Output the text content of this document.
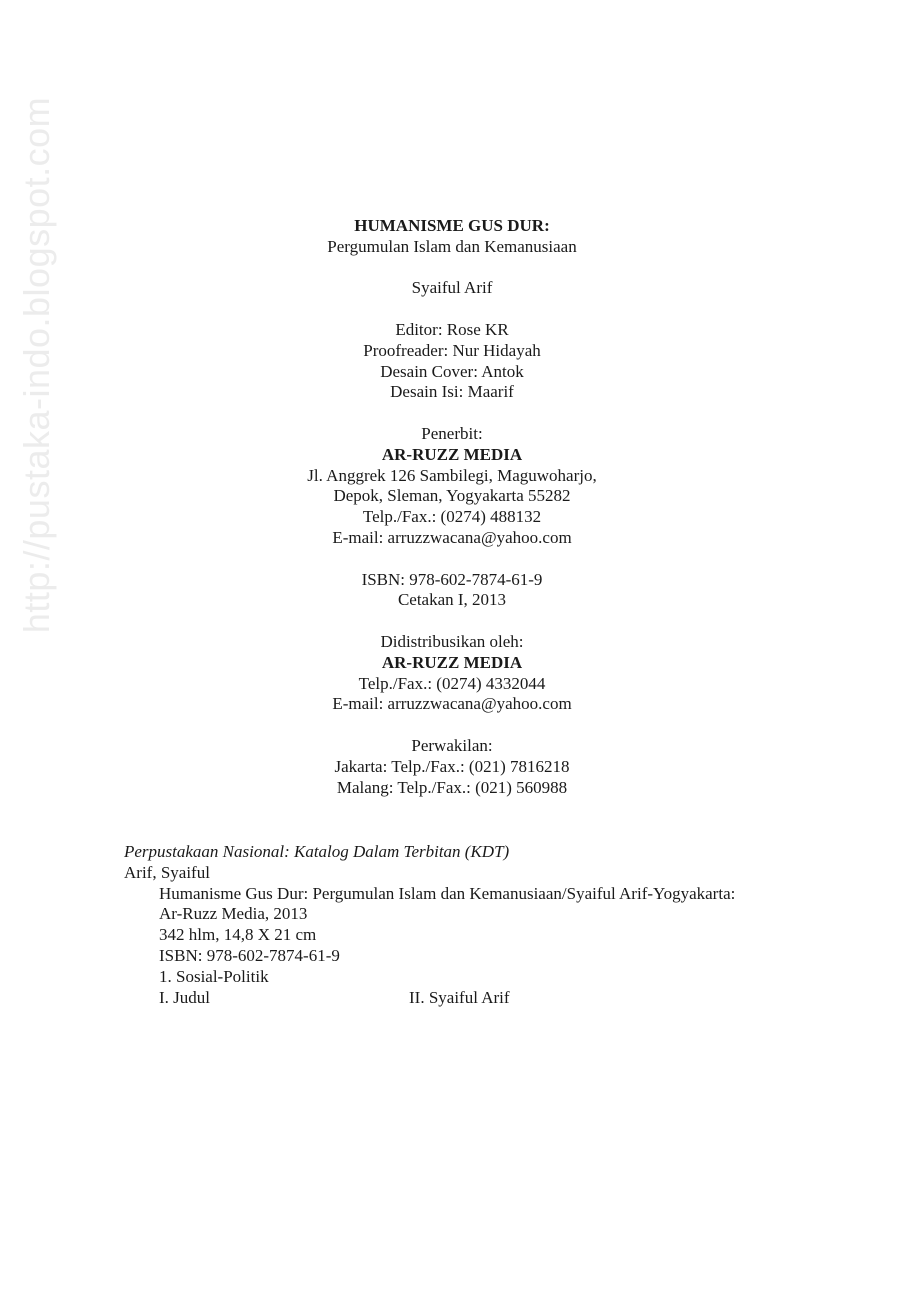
http://pustaka-indo.blogspot.com	HUMANISME GUS DUR:

Pergumulan Islam dan Kemanusiaan

Syaiful Arif

Editor: Rose KR

Proofreader: Nur Hidayah

Desain Cover: Antok

Desain Isi: Maarif

Penerbit:

AR-RUZZ MEDIA

Jl. Anggrek 126 Sambilegi, Maguwoharjo,

Depok, Sleman, Yogyakarta 55282

Telp./Fax.: (0274) 488132

E-mail: arruzzwacana@yahoo.com

ISBN: 978-602-7874-61-9

Cetakan I, 2013

Didistribusikan oleh:

AR-RUZZ MEDIA

Telp./Fax.: (0274) 4332044

E-mail: arruzzwacana@yahoo.com

Perwakilan:

Jakarta: Telp./Fax.: (021) 7816218

Malang: Telp./Fax.: (021) 560988

Perpustakaan Nasional: Katalog Dalam Terbitan (KDT)

Arif, Syaiful

Humanisme Gus Dur: Pergumulan Islam dan Kemanusiaan/Syaiful Arif-Yogyakarta:

Ar-Ruzz Media, 2013

342 hlm, 14,8 X 21 cm

ISBN: 978-602-7874-61-9

1. Sosial-Politik

I. Judul	II. Syaiful Arif
